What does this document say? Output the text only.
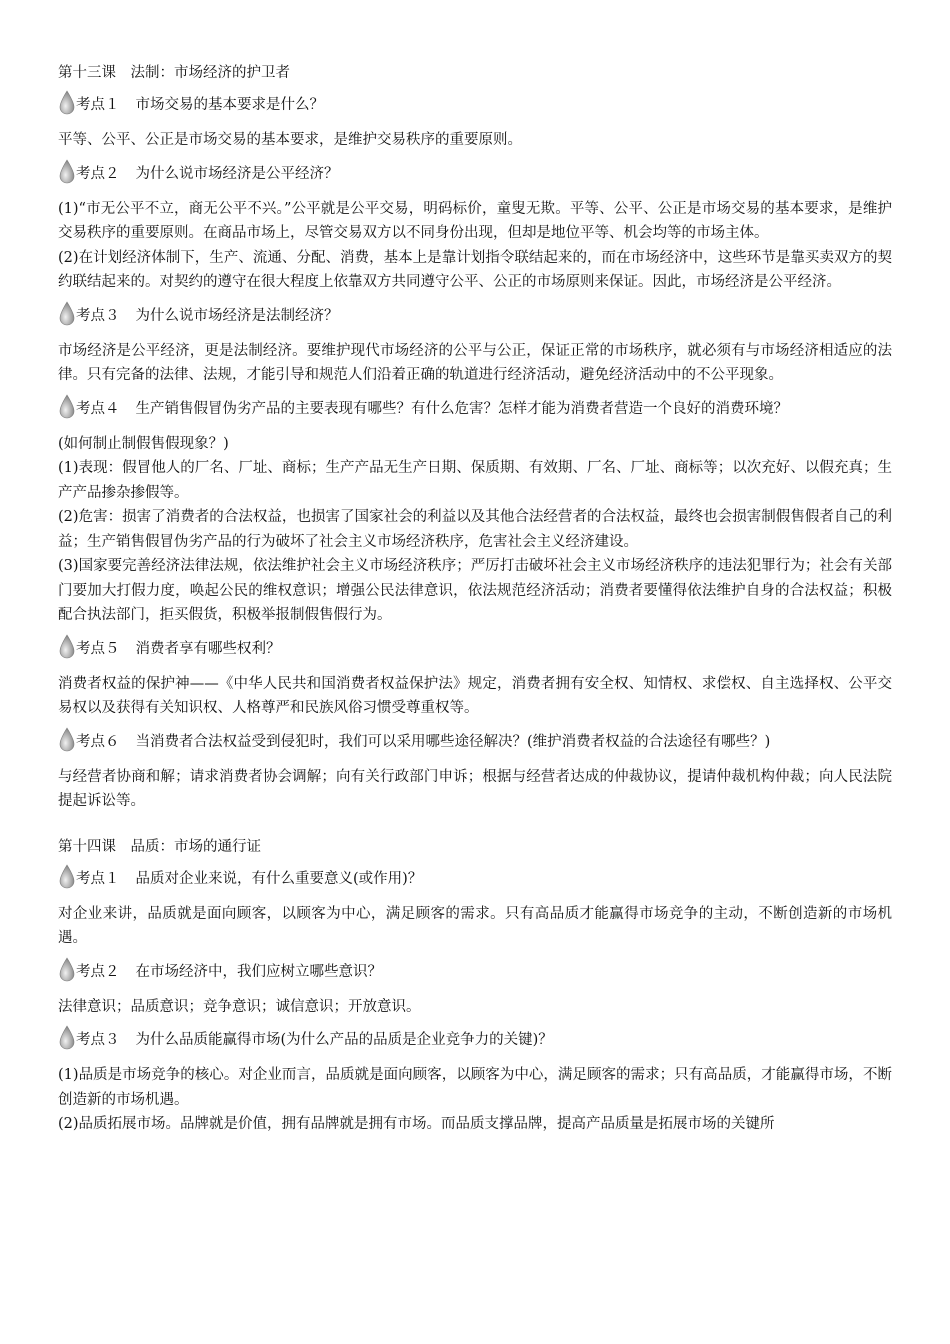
第十三课　法制：市场经济的护卫者
考点１ 市场交易的基本要求是什么？

平等、公平、公正是市场交易的基本要求，是维护交易秩序的重要原则。

考点２ 为什么说市场经济是公平经济？

(1)“市无公平不立，商无公平不兴。”公平就是公平交易，明码标价，童叟无欺。平等、公平、公正是市场交易的基本要求，是维护交易秩序的重要原则。在商品市场上，尽管交易双方以不同身份出现，但却是地位平等、机会均等的市场主体。

(2)在计划经济体制下，生产、流通、分配、消费，基本上是靠计划指令联结起来的，而在市场经济中，这些环节是靠买卖双方的契约联结起来的。对契约的遵守在很大程度上依靠双方共同遵守公平、公正的市场原则来保证。因此，市场经济是公平经济。

考点３ 为什么说市场经济是法制经济？

市场经济是公平经济，更是法制经济。要维护现代市场经济的公平与公正，保证正常的市场秩序，就必须有与市场经济相适应的法律。只有完备的法律、法规，才能引导和规范人们沿着正确的轨道进行经济活动，避免经济活动中的不公平现象。

考点４ 生产销售假冒伪劣产品的主要表现有哪些？有什么危害？怎样才能为消费者营造一个良好的消费环境？

(如何制止制假售假现象？)

(1)表现：假冒他人的厂名、厂址、商标；生产产品无生产日期、保质期、有效期、厂名、厂址、商标等；以次充好、以假充真；生产产品掺杂掺假等。

(2)危害：损害了消费者的合法权益，也损害了国家社会的利益以及其他合法经营者的合法权益，最终也会损害制假售假者自己的利益；生产销售假冒伪劣产品的行为破坏了社会主义市场经济秩序，危害社会主义经济建设。

(3)国家要完善经济法律法规，依法维护社会主义市场经济秩序；严厉打击破坏社会主义市场经济秩序的违法犯罪行为；社会有关部门要加大打假力度，唤起公民的维权意识；增强公民法律意识，依法规范经济活动；消费者要懂得依法维护自身的合法权益；积极配合执法部门，拒买假货，积极举报制假售假行为。

考点５ 消费者享有哪些权利？

消费者权益的保护神——《中华人民共和国消费者权益保护法》规定，消费者拥有安全权、知情权、求偿权、自主选择权、公平交易权以及获得有关知识权、人格尊严和民族风俗习惯受尊重权等。

考点６ 当消费者合法权益受到侵犯时，我们可以采用哪些途径解决？(维护消费者权益的合法途径有哪些？)

与经营者协商和解；请求消费者协会调解；向有关行政部门申诉；根据与经营者达成的仲裁协议，提请仲裁机构仲裁；向人民法院提起诉讼等。

第十四课　品质：市场的通行证
考点１ 品质对企业来说，有什么重要意义(或作用)？

对企业来讲，品质就是面向顾客，以顾客为中心，满足顾客的需求。只有高品质才能赢得市场竞争的主动，不断创造新的市场机遇。

考点２ 在市场经济中，我们应树立哪些意识？

法律意识；品质意识；竞争意识；诚信意识；开放意识。

考点３ 为什么品质能赢得市场(为什么产品的品质是企业竞争力的关键)？

(1)品质是市场竞争的核心。对企业而言，品质就是面向顾客，以顾客为中心，满足顾客的需求；只有高品质，才能赢得市场，不断创造新的市场机遇。

(2)品质拓展市场。品牌就是价值，拥有品牌就是拥有市场。而品质支撑品牌，提高产品质量是拓展市场的关键所
